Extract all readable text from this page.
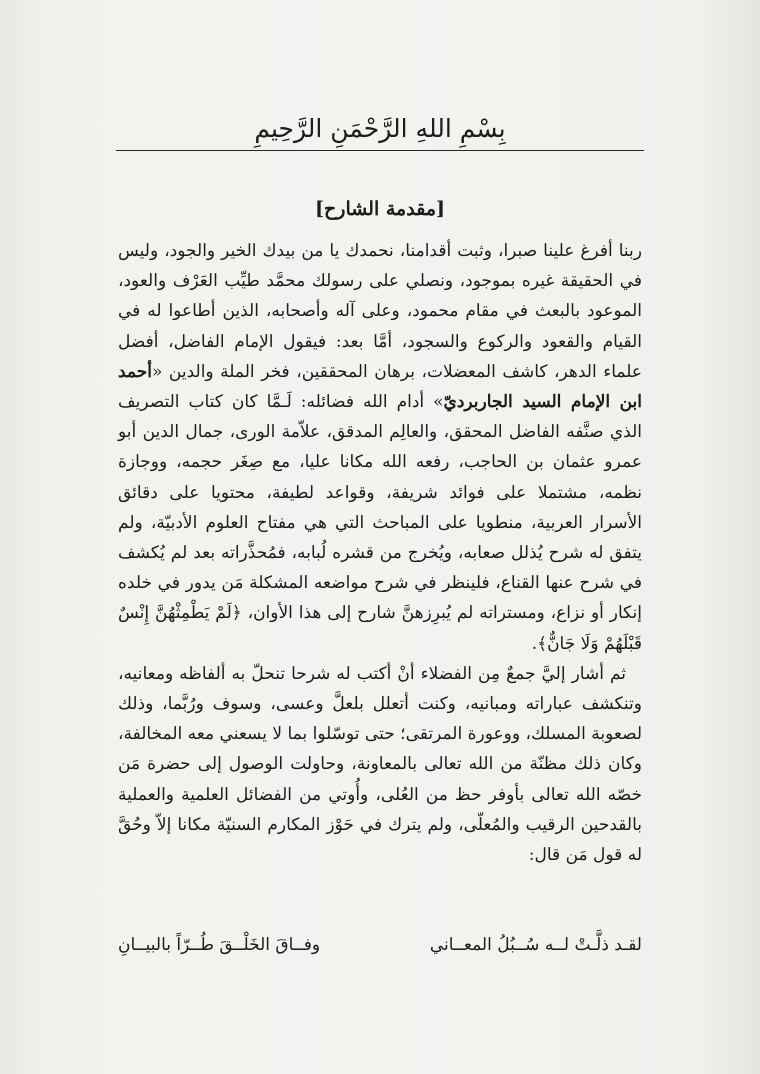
بِسْمِ اللهِ الرَّحْمَنِ الرَّحِيمِ
[مقدمة الشارح]

ربنا أفرغ علينا صبرا، وثبت أقدامنا، نحمدك يا من بيدك الخير والجود، وليس في الحقيقة غيره بموجود، ونصلي على رسولك محمَّد طيِّب العَرْف والعود، الموعود بالبعث في مقام محمود، وعلى آله وأصحابه، الذين أطاعوا له في القيام والقعود والركوع والسجود، أمَّا بعد: فيقول الإمام الفاضل، أفضل علماء الدهر، كاشف المعضلات، برهان المحققين، فخر الملة والدين «أحمد ابن الإمام السيد الجاربرديّ» أدام الله فضائله: لَـمَّا كان كتاب التصريف الذي صنَّفه الفاضل المحقق، والعالِم المدقق، علاّمة الورى، جمال الدين أبو عمرو عثمان بن الحاجب، رفعه الله مكانا عليا، مع صِغَر حجمه، ووجازة نظمه، مشتملا على فوائد شريفة، وقواعد لطيفة، محتويا على دقائق الأسرار العربية، منطويا على المباحث التي هي مفتاح العلوم الأدبيّة، ولم يتفق له شرح يُذلل صعابه، ويُخرج من قشره لُبابه، فمُحذَّراته بعد لم يُكشف في شرح عنها القناع، فلينظر في شرح مواضعه المشكلة مَن يدور في خلده إنكار أو نزاع، ومستراته لم يُبرِزهنَّ شارح إلى هذا الأوان، ﴿لَمْ يَطْمِثْهُنَّ إِنْسٌ قَبْلَهُمْ وَلَا جَانٌّ﴾.

ثم أشار إليَّ جمعٌ مِن الفضلاء أنْ أكتب له شرحا تنحلّ به ألفاظه ومعانيه، وتنكشف عباراته ومبانيه، وكنت أتعلل بلعلَّ وعسى، وسوف ورُبَّما، وذلك لصعوبة المسلك، ووعورة المرتقى؛ حتى توسّلوا بما لا يسعني معه المخالفة، وكان ذلك مظنّة من الله تعالى بالمعاونة، وحاولت الوصول إلى حضرة مَن خصّه الله تعالى بأوفر حظ من العُلى، وأُوتي من الفضائل العلمية والعملية بالقدحين الرقيب والمُعلّى، ولم يترك في حَوْز المكارم السنيّة مكانا إلاّ وحُقَّ له قول مَن قال:

لقـد ذلَّـتْ لــه سُــبُلُ المعــاني
وفــاقَ الخَلْــقَ طُــرّاً بالبيــانِ
